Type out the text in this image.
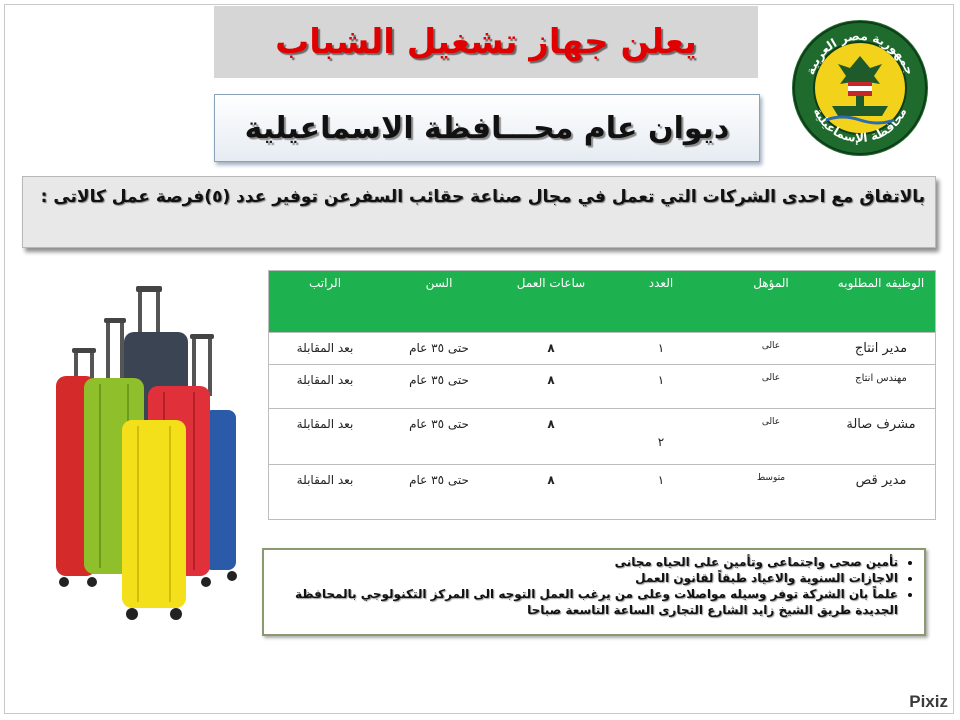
يعلن جهاز تشغيل الشباب
ديوان عام محـــافظة الاسماعيلية
جمهورية مصر العربية
محافظة الإسماعيلية
بالاتفاق مع احدى الشركات التي تعمل في مجال صناعة حقائب السفرعن توفير عدد (٥)فرصة عمل كالاتى :
الوظيفه المطلوبه	المؤهل	العدد	ساعات العمل	السن	الراتب
مدير انتاج	عالى	١	٨	حتى ٣٥ عام	بعد المقابلة
مهندس انتاج	عالى	١	٨	حتى ٣٥ عام	بعد المقابلة
مشرف صالة	عالى	٢	٨	حتى ٣٥ عام	بعد المقابلة
مدير قص	متوسط	١	٨	حتى ٣٥ عام	بعد المقابلة
• تأمين صحى واجتماعى وتأمين على الحياه مجانى
• الاجازات السنوية والاعياد طبقاً لقانون العمل
• علماً بان الشركة توفر وسيله مواصلات وعلى من يرغب العمل التوجه الى المركز التكنولوجي بالمحافظة الجديدة طريق الشيخ زايد الشارع التجارى الساعة التاسعة صباحا
Pixiz
